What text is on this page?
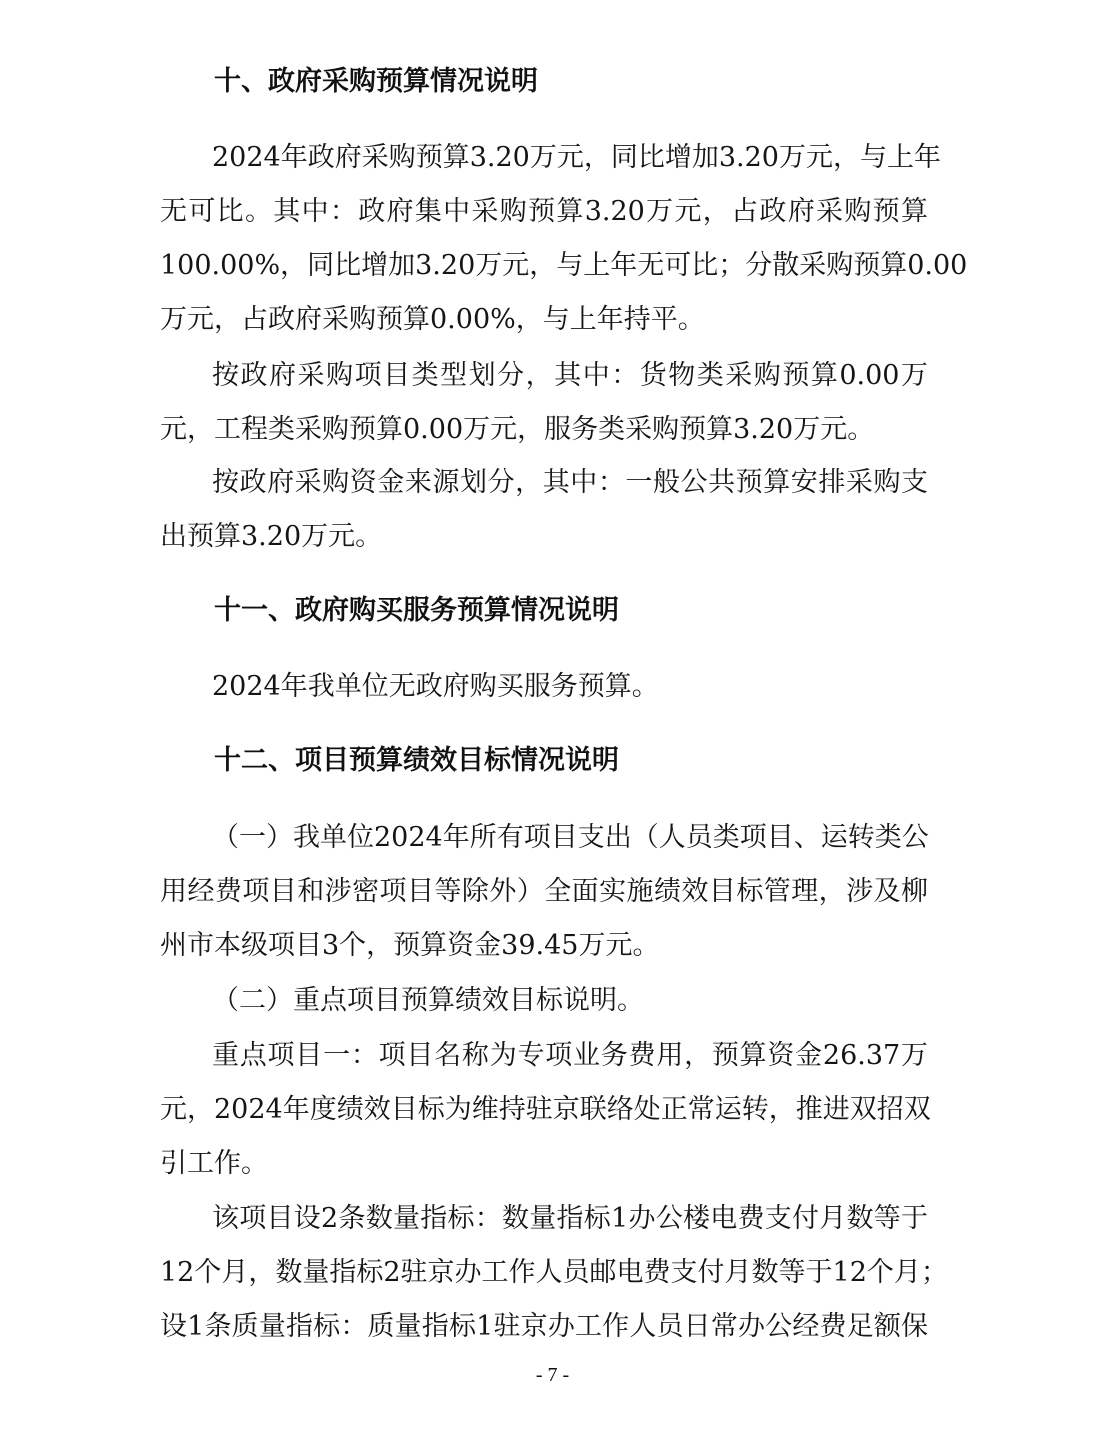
十、政府采购预算情况说明
2024年政府采购预算3.20万元，同比增加3.20万元，与上年
无可比。其中：政府集中采购预算3.20万元，占政府采购预算
100.00%，同比增加3.20万元，与上年无可比；分散采购预算0.00
万元，占政府采购预算0.00%，与上年持平。
按政府采购项目类型划分，其中：货物类采购预算0.00万
元，工程类采购预算0.00万元，服务类采购预算3.20万元。
按政府采购资金来源划分，其中：一般公共预算安排采购支
出预算3.20万元。
十一、政府购买服务预算情况说明
2024年我单位无政府购买服务预算。
十二、项目预算绩效目标情况说明
（一）我单位2024年所有项目支出（人员类项目、运转类公
用经费项目和涉密项目等除外）全面实施绩效目标管理，涉及柳
州市本级项目3个，预算资金39.45万元。
（二）重点项目预算绩效目标说明。
重点项目一：项目名称为专项业务费用，预算资金26.37万
元，2024年度绩效目标为维持驻京联络处正常运转，推进双招双
引工作。
该项目设2条数量指标：数量指标1办公楼电费支付月数等于
12个月，数量指标2驻京办工作人员邮电费支付月数等于12个月；
设1条质量指标：质量指标1驻京办工作人员日常办公经费足额保
- 7 -
